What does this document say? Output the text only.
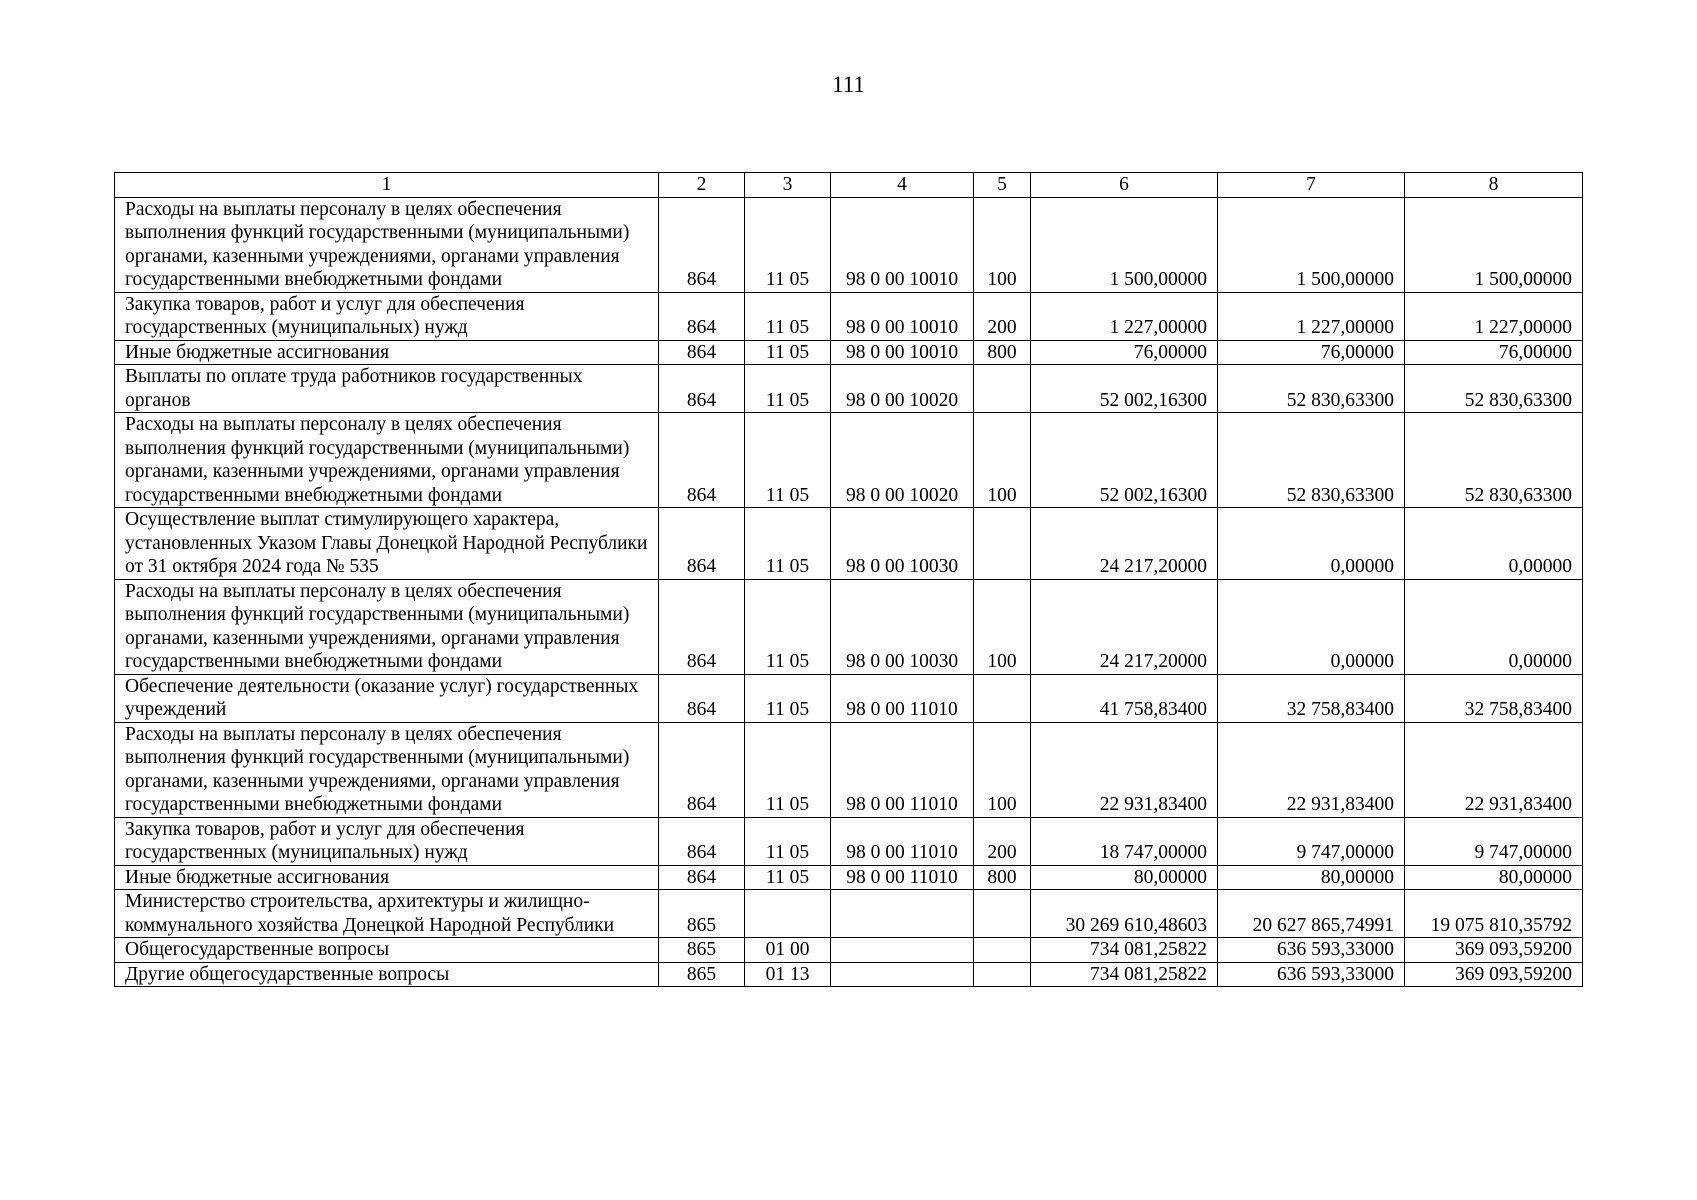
111
1	2	3	4	5	6	7	8

Расходы на выплаты персоналу в целях обеспечения выполнения функций государственными (муниципальными) органами, казенными учреждениями, органами управления государственными внебюджетными фондами	864	11 05	98 0 00 10010	100	1 500,00000	1 500,00000	1 500,00000

Закупка товаров, работ и услуг для обеспечения государственных (муниципальных) нужд	864	11 05	98 0 00 10010	200	1 227,00000	1 227,00000	1 227,00000

Иные бюджетные ассигнования	864	11 05	98 0 00 10010	800	76,00000	76,00000	76,00000

Выплаты по оплате труда работников государственных органов	864	11 05	98 0 00 10020		52 002,16300	52 830,63300	52 830,63300

Расходы на выплаты персоналу в целях обеспечения выполнения функций государственными (муниципальными) органами, казенными учреждениями, органами управления государственными внебюджетными фондами	864	11 05	98 0 00 10020	100	52 002,16300	52 830,63300	52 830,63300

Осуществление выплат стимулирующего характера, установленных Указом Главы Донецкой Народной Республики от 31 октября 2024 года № 535	864	11 05	98 0 00 10030		24 217,20000	0,00000	0,00000

Расходы на выплаты персоналу в целях обеспечения выполнения функций государственными (муниципальными) органами, казенными учреждениями, органами управления государственными внебюджетными фондами	864	11 05	98 0 00 10030	100	24 217,20000	0,00000	0,00000

Обеспечение деятельности (оказание услуг) государственных учреждений	864	11 05	98 0 00 11010		41 758,83400	32 758,83400	32 758,83400

Расходы на выплаты персоналу в целях обеспечения выполнения функций государственными (муниципальными) органами, казенными учреждениями, органами управления государственными внебюджетными фондами	864	11 05	98 0 00 11010	100	22 931,83400	22 931,83400	22 931,83400

Закупка товаров, работ и услуг для обеспечения государственных (муниципальных) нужд	864	11 05	98 0 00 11010	200	18 747,00000	9 747,00000	9 747,00000

Иные бюджетные ассигнования	864	11 05	98 0 00 11010	800	80,00000	80,00000	80,00000

Министерство строительства, архитектуры и жилищно-коммунального хозяйства Донецкой Народной Республики	865				30 269 610,48603	20 627 865,74991	19 075 810,35792

Общегосударственные вопросы	865	01 00			734 081,25822	636 593,33000	369 093,59200

Другие общегосударственные вопросы	865	01 13			734 081,25822	636 593,33000	369 093,59200
